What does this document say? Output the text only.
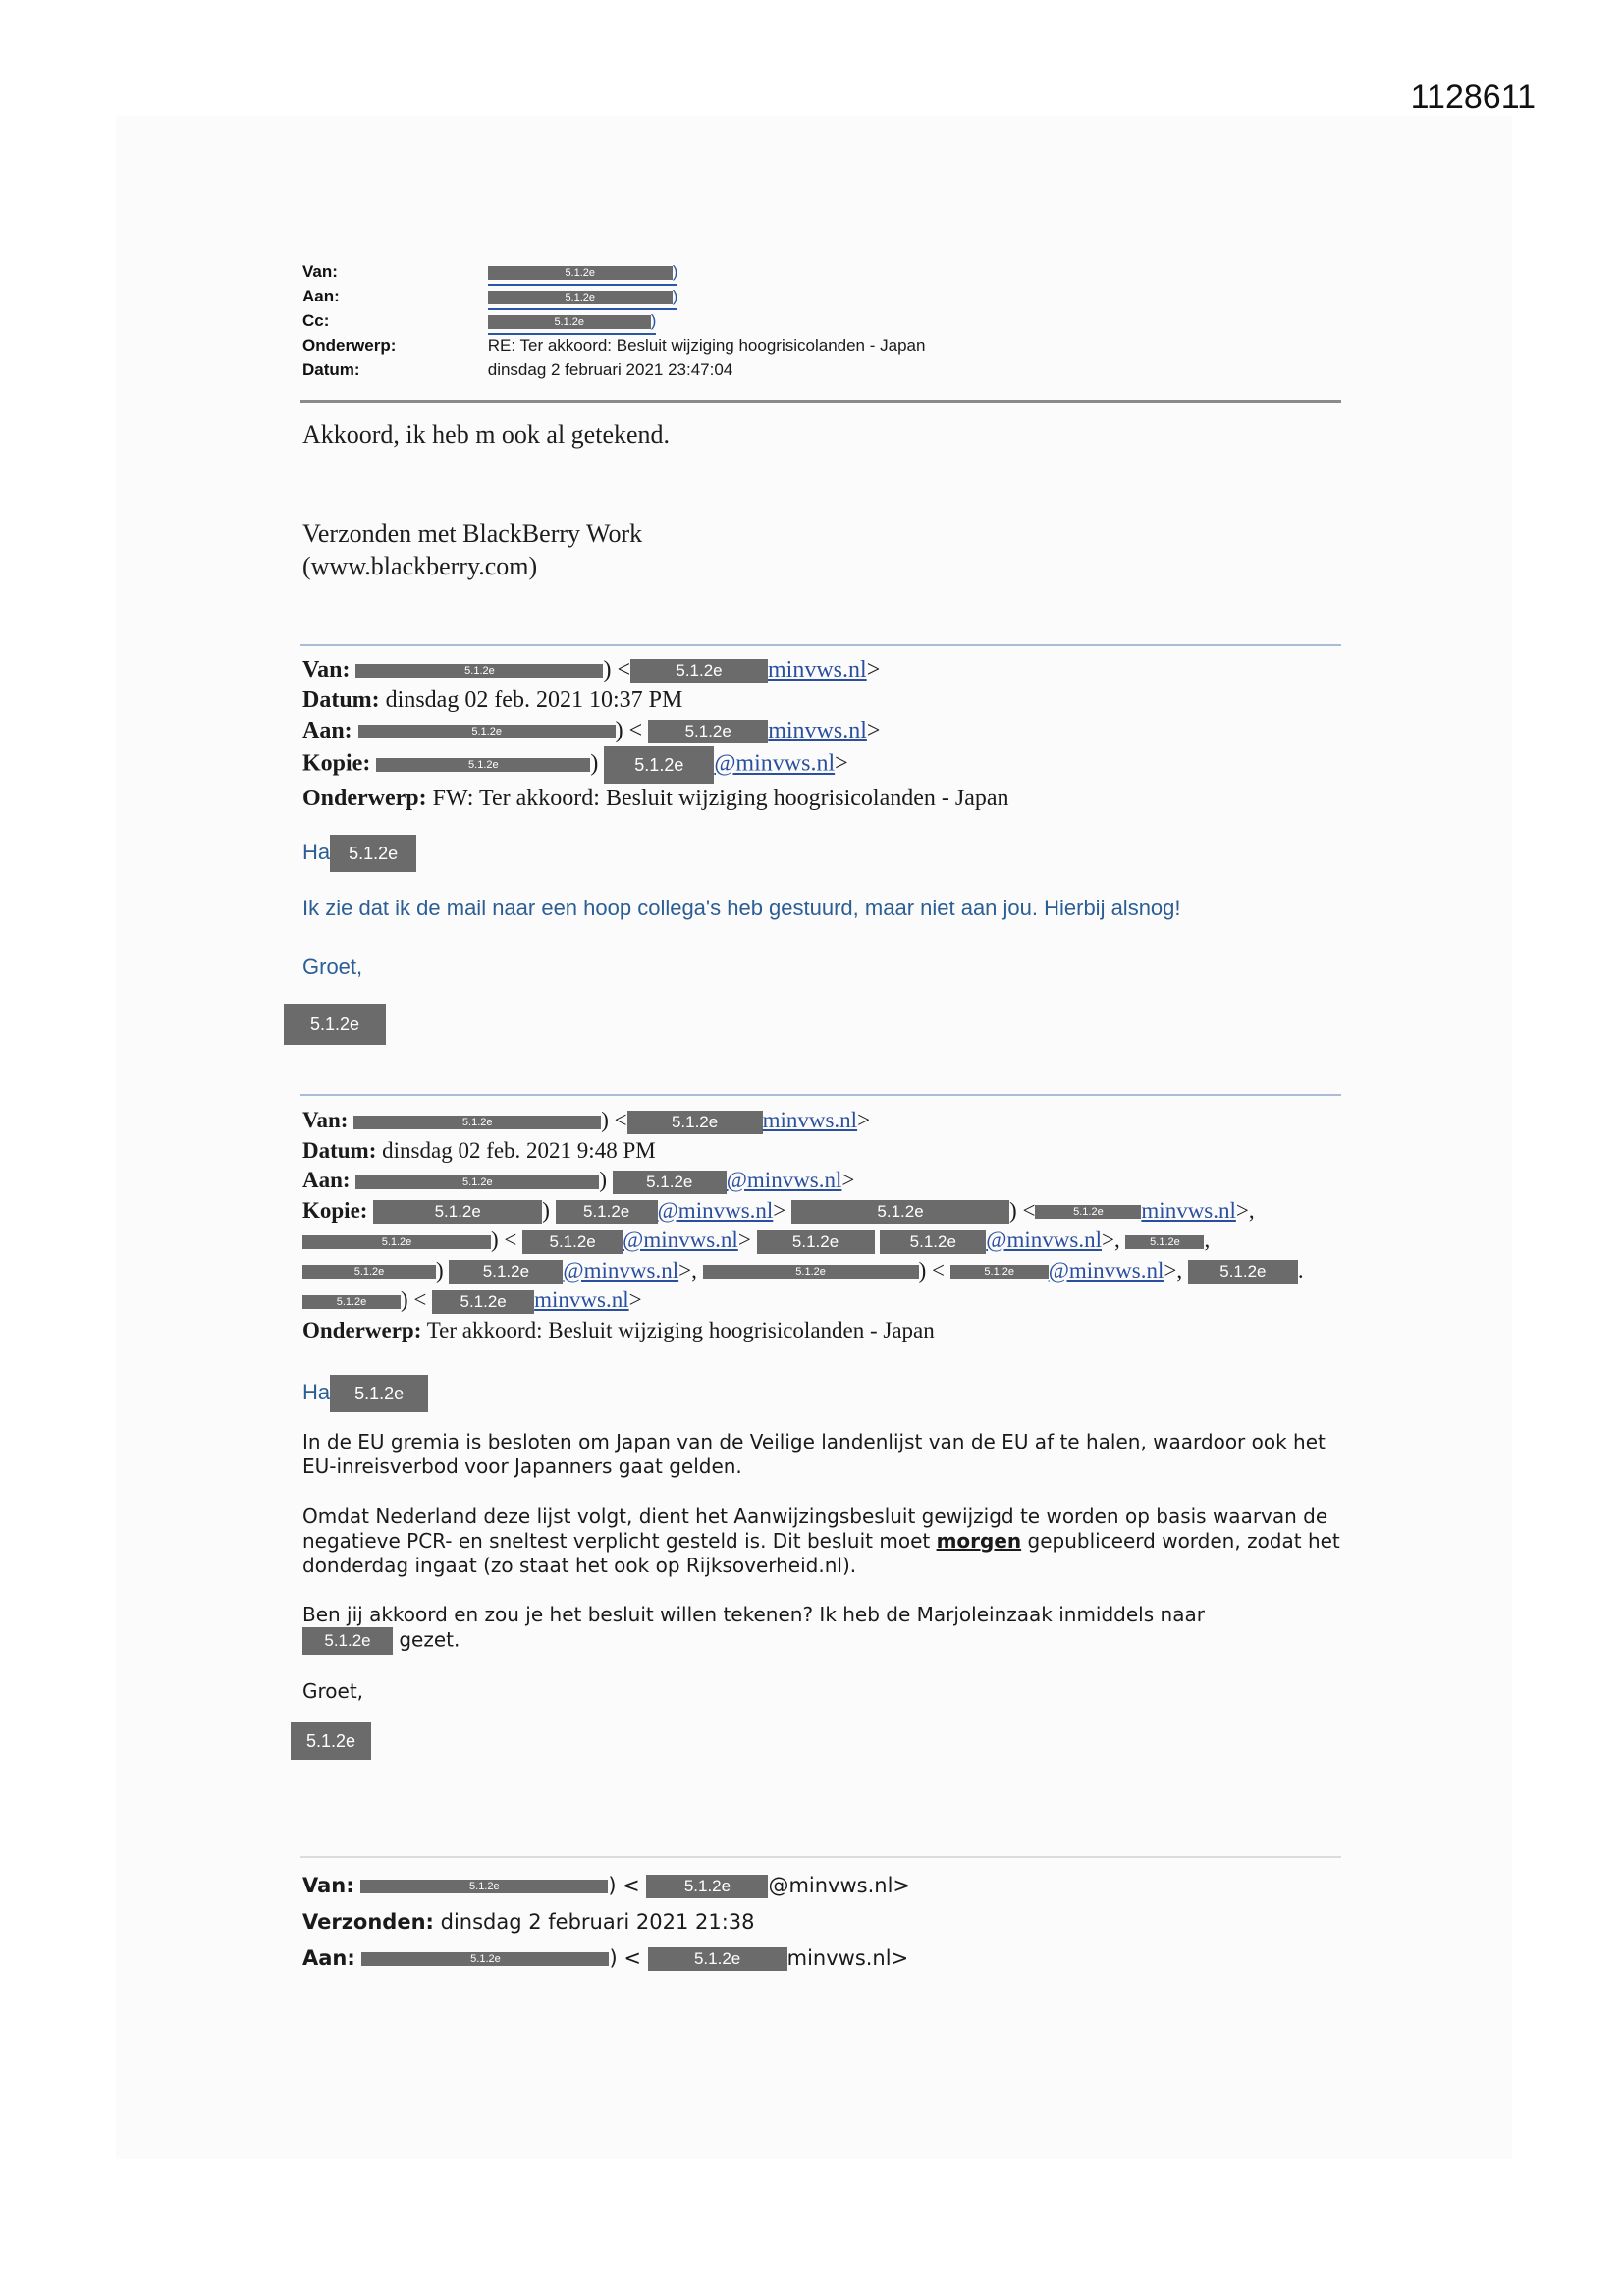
1128611
Van:	5.1.2e	)
Aan:	5.1.2e	)
Cc:	5.1.2e	)
Onderwerp:	RE: Ter akkoord: Besluit wijziging hoogrisicolanden - Japan
Datum:	dinsdag 2 februari 2021 23:47:04
Akkoord, ik heb m ook al getekend.
Verzonden met BlackBerry Work
(www.blackberry.com)
Van:	5.1.2e	) <	5.1.2e minvws.nl>
Datum: dinsdag 02 feb. 2021 10:37 PM
Aan:	5.1.2e	) < 5.1.2e minvws.nl>
Kopie:	5.1.2e	) 5.1.2e @minvws.nl>
Onderwerp: FW: Ter akkoord: Besluit wijziging hoogrisicolanden - Japan
Ha 5.1.2e
Ik zie dat ik de mail naar een hoop collega's heb gestuurd, maar niet aan jou. Hierbij alsnog!
Groet,
5.1.2e
Van:	5.1.2e	) <	5.1.2e minvws.nl>
Datum: dinsdag 02 feb. 2021 9:48 PM
Aan:	5.1.2e	) 5.1.2e @minvws.nl>
Kopie:	5.1.2e	) 5.1.2e @minvws.nl>	5.1.2e	) <	5.1.2e minvws.nl>,
5.1.2e	) < 5.1.2e @minvws.nl> 5.1.2e	5.1.2e @minvws.nl>, 5.1.2e ,
5.1.2e ) 5.1.2e @minvws.nl>,	5.1.2e	) <	5.1.2e @minvws.nl>, 5.1.2e .
5.1.2e ) < 5.1.2e minvws.nl>
Onderwerp: Ter akkoord: Besluit wijziging hoogrisicolanden - Japan
Ha 5.1.2e
In de EU gremia is besloten om Japan van de Veilige landenlijst van de EU af te halen, waardoor ook het EU-inreisverbod voor Japanners gaat gelden.
Omdat Nederland deze lijst volgt, dient het Aanwijzingsbesluit gewijzigd te worden op basis waarvan de negatieve PCR- en sneltest verplicht gesteld is. Dit besluit moet morgen gepubliceerd worden, zodat het donderdag ingaat (zo staat het ook op Rijksoverheid.nl).
Ben jij akkoord en zou je het besluit willen tekenen? Ik heb de Marjoleinzaak inmiddels naar
5.1.2e gezet.
Groet,
5.1.2e
Van:	5.1.2e	) < 5.1.2e @minvws.nl>
Verzonden: dinsdag 2 februari 2021 21:38
Aan:	5.1.2e	) <	5.1.2e minvws.nl>
